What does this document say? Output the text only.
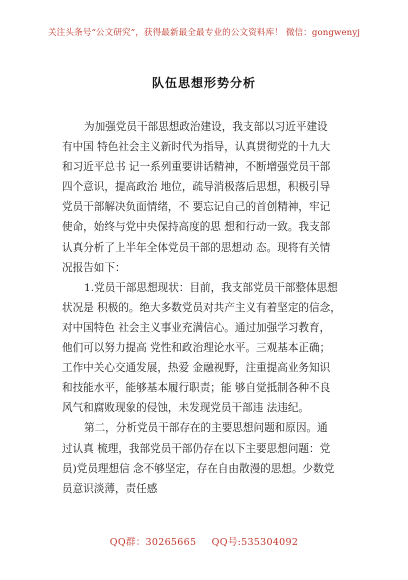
关注头条号“公文研究”，获得最新最全最专业的公文资料库！ 微信：gongwenyj
队伍思想形势分析
为加强党员干部思想政治建设，我支部以习近平建设
有中国 特色社会主义新时代为指导，认真贯彻党的十九大
和习近平总书 记一系列重要讲话精神，不断增强党员干部
四个意识，提高政治 地位，疏导消极落后思想，积极引导
党员干部解决负面情绪，不 要忘记自己的首创精神，牢记
使命，始终与党中央保持高度的思 想和行动一致。我支部
认真分析了上半年全体党员干部的思想动 态。现将有关情
况报告如下：
1.党员干部思想现状：目前，我支部党员干部整体思想
状况是 积极的。绝大多数党员对共产主义有着坚定的信念，
对中国特色 社会主义事业充满信心。通过加强学习教育，
他们可以努力提高 党性和政治理论水平。三观基本正确；
工作中关心交通发展，热爱 金融视野，注重提高业务知识
和技能水平，能够基本履行职责；能 够自觉抵制各种不良
风气和腐败现象的侵蚀，未发现党员干部违 法违纪。
第二，分析党员干部存在的主要思想问题和原因。通
过认真 梳理，我部党员干部仍存在以下主要思想问题：党
员)党员理想信 念不够坚定，存在自由散漫的思想。少数党
员意识淡薄，责任感
QQ群：30265665 QQ号:535304092
